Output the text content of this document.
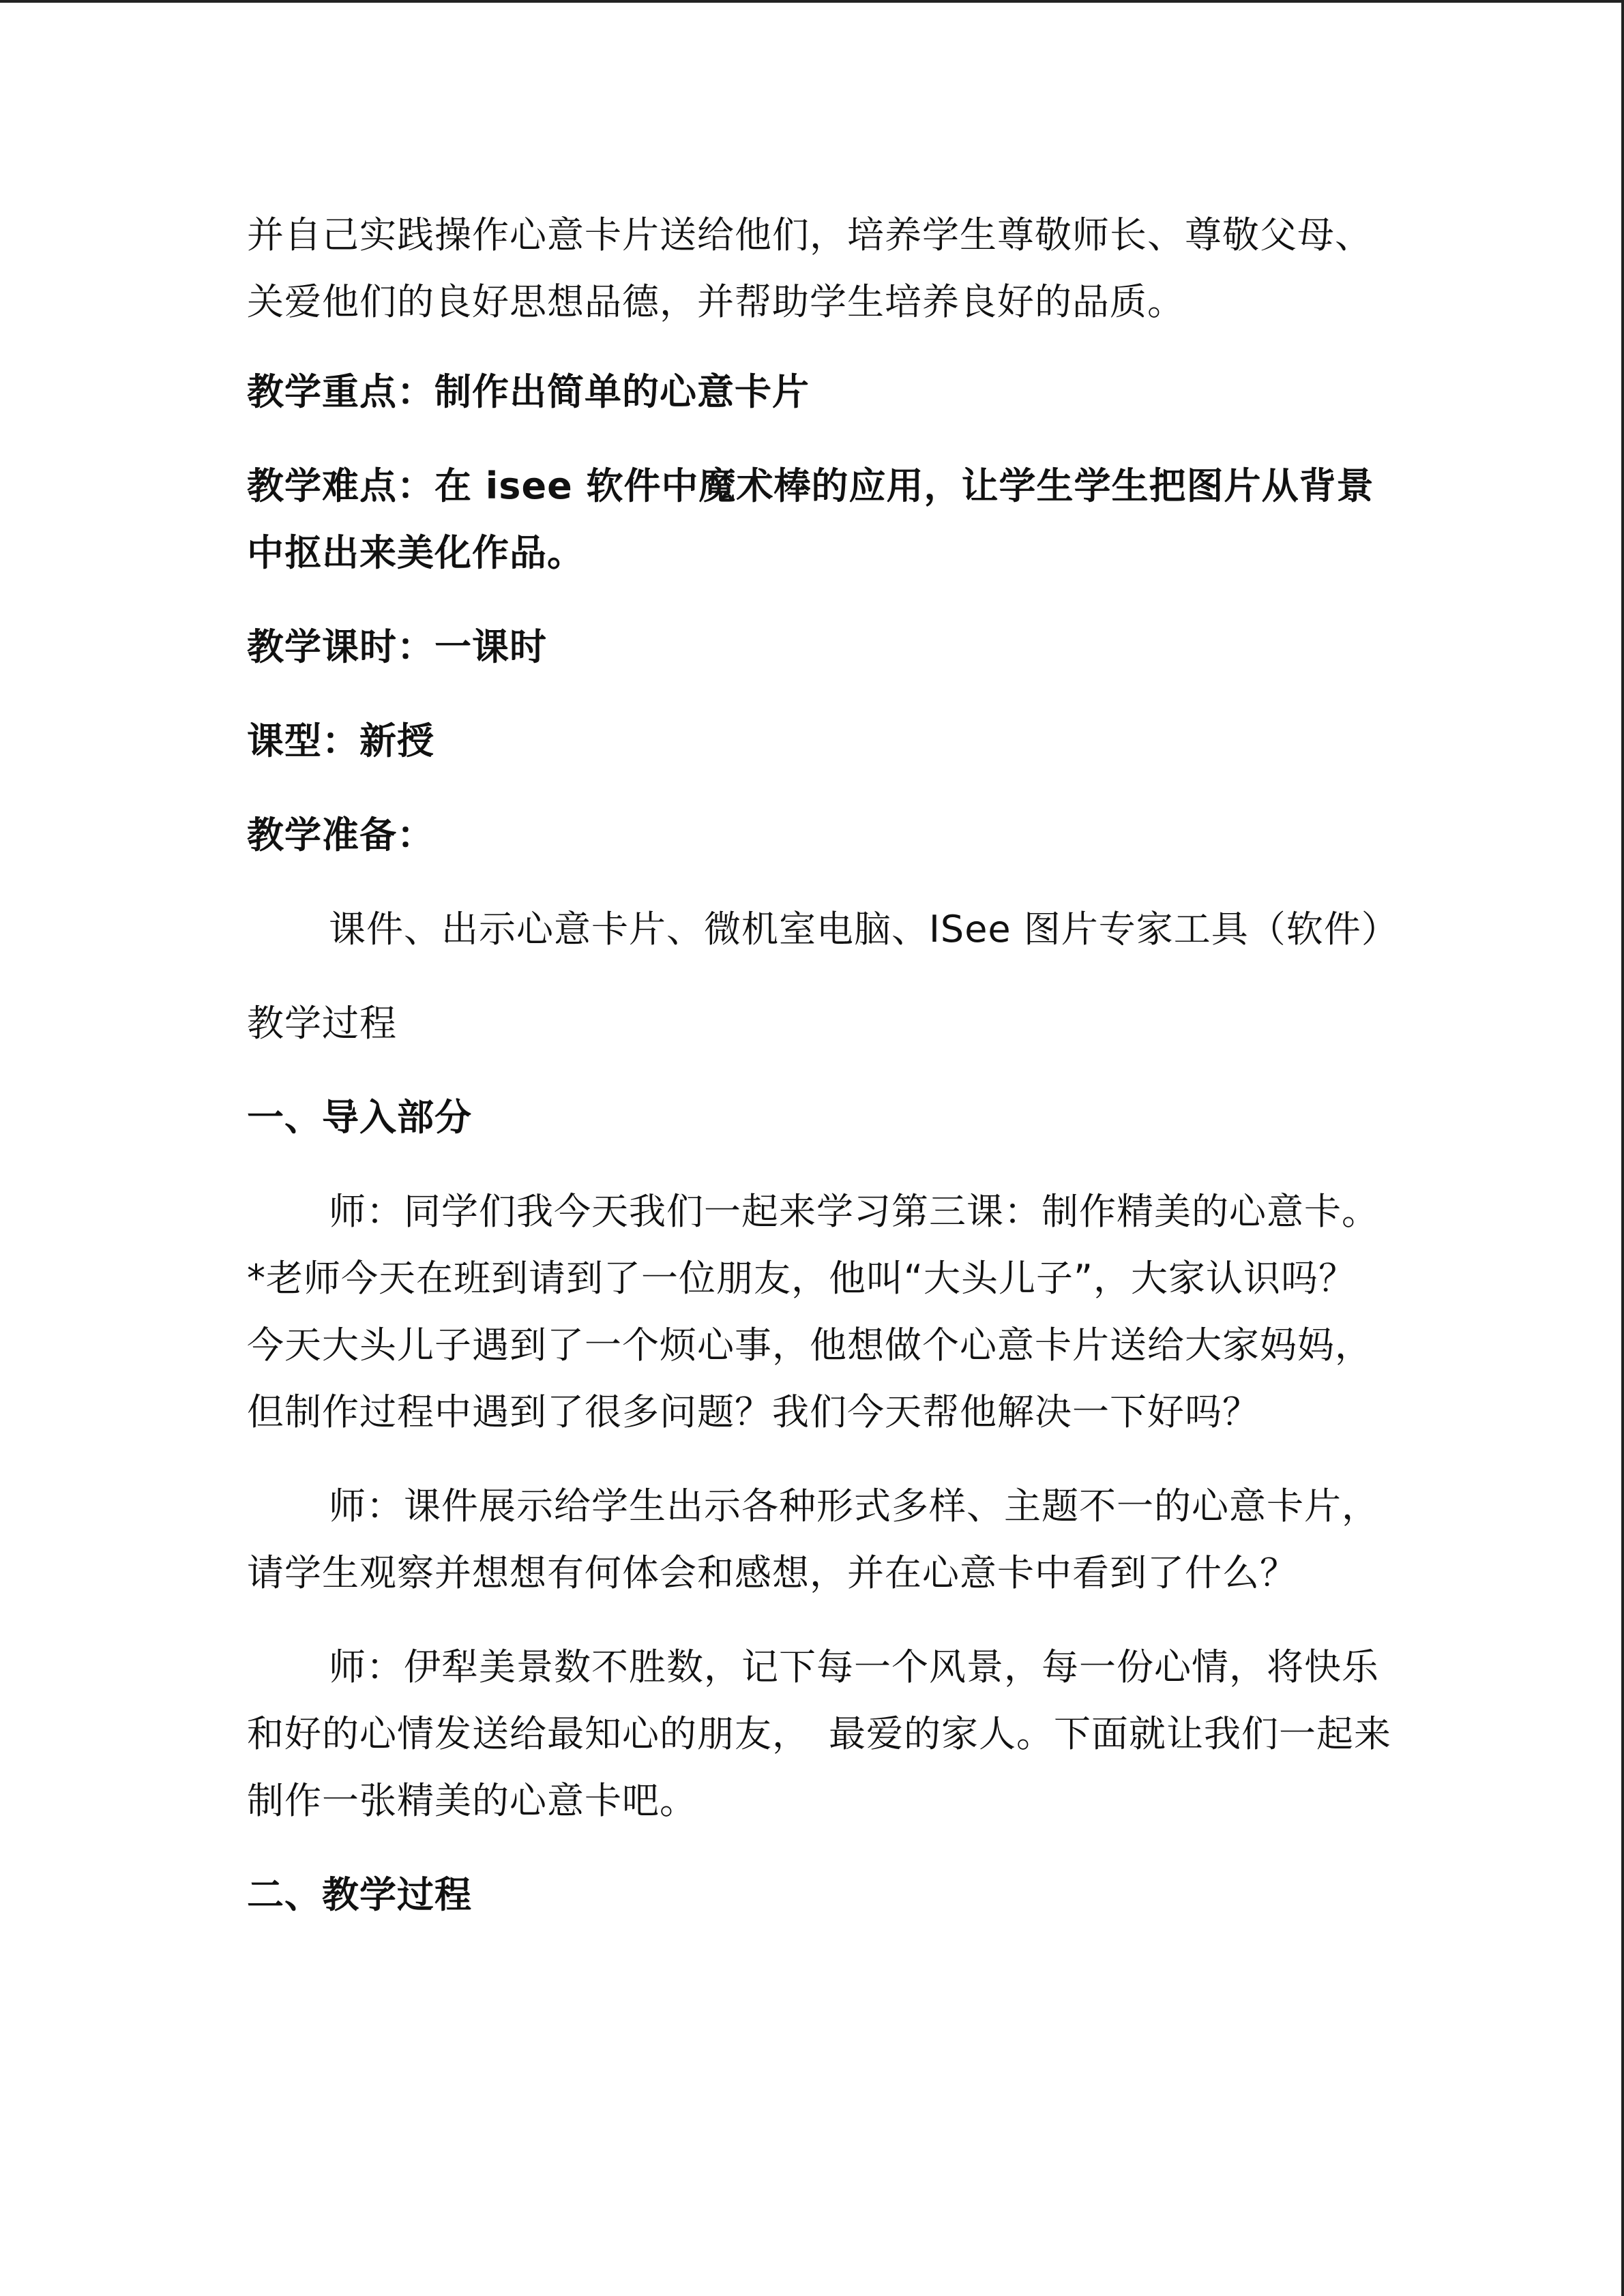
并自己实践操作心意卡片送给他们，培养学生尊敬师长、尊敬父母、关爱他们的良好思想品德，并帮助学生培养良好的品质。

教学重点：制作出简单的心意卡片

教学难点：在 isee 软件中魔术棒的应用，让学生学生把图片从背景中抠出来美化作品。

教学课时：一课时

课型：新授

教学准备：

课件、出示心意卡片、微机室电脑、ISee 图片专家工具（软件）

教学过程

一、导入部分

师：同学们我今天我们一起来学习第三课：制作精美的心意卡。*老师今天在班到请到了一位朋友，他叫“大头儿子”，大家认识吗？今天大头儿子遇到了一个烦心事，他想做个心意卡片送给大家妈妈，但制作过程中遇到了很多问题？我们今天帮他解决一下好吗？

师：课件展示给学生出示各种形式多样、主题不一的心意卡片，请学生观察并想想有何体会和感想，并在心意卡中看到了什么？

师：伊犁美景数不胜数，记下每一个风景，每一份心情，将快乐和好的心情发送给最知心的朋友，　最爱的家人。下面就让我们一起来制作一张精美的心意卡吧。

二、教学过程
